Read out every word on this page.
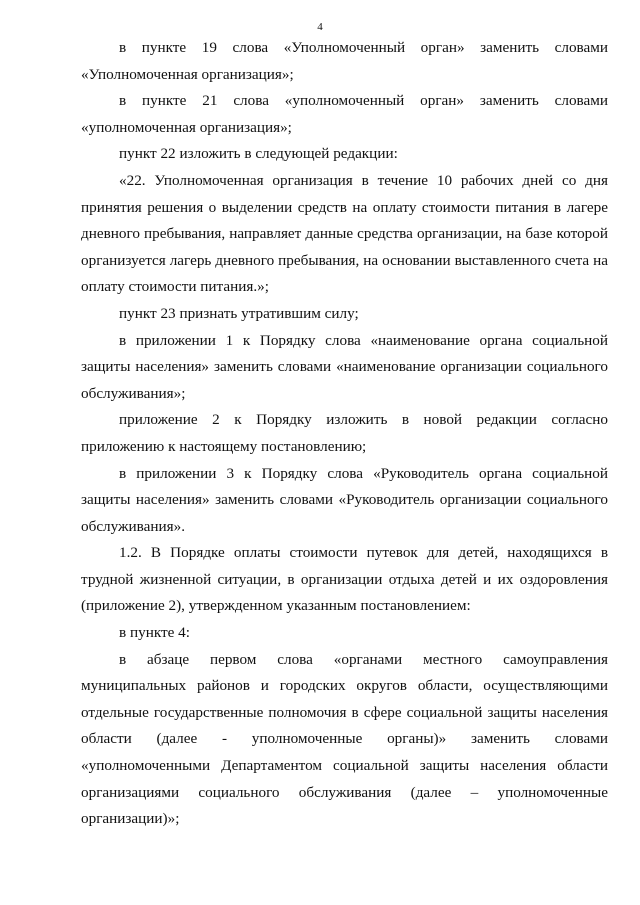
4

в пункте 19 слова «Уполномоченный орган» заменить словами «Уполномоченная организация»;

в пункте 21 слова «уполномоченный орган» заменить словами «уполномоченная организация»;

пункт 22 изложить в следующей редакции:

«22. Уполномоченная организация в течение 10 рабочих дней со дня принятия решения о выделении средств на оплату стоимости питания в лагере дневного пребывания, направляет данные средства организации, на базе которой организуется лагерь дневного пребывания, на основании выставленного счета на оплату стоимости питания.»;

пункт 23 признать утратившим силу;

в приложении 1 к Порядку слова «наименование органа социальной защиты населения» заменить словами «наименование организации социального обслуживания»;

приложение 2 к Порядку изложить в новой редакции согласно приложению к настоящему постановлению;

в приложении 3 к Порядку слова «Руководитель органа социальной защиты населения» заменить словами «Руководитель организации социального обслуживания».

1.2. В Порядке оплаты стоимости путевок для детей, находящихся в трудной жизненной ситуации, в организации отдыха детей и их оздоровления (приложение 2), утвержденном указанным постановлением:

в пункте 4:

в абзаце первом слова «органами местного самоуправления муниципальных районов и городских округов области, осуществляющими отдельные государственные полномочия в сфере социальной защиты населения области (далее - уполномоченные органы)» заменить словами «уполномоченными Департаментом социальной защиты населения области организациями социального обслуживания (далее – уполномоченные организации)»;
